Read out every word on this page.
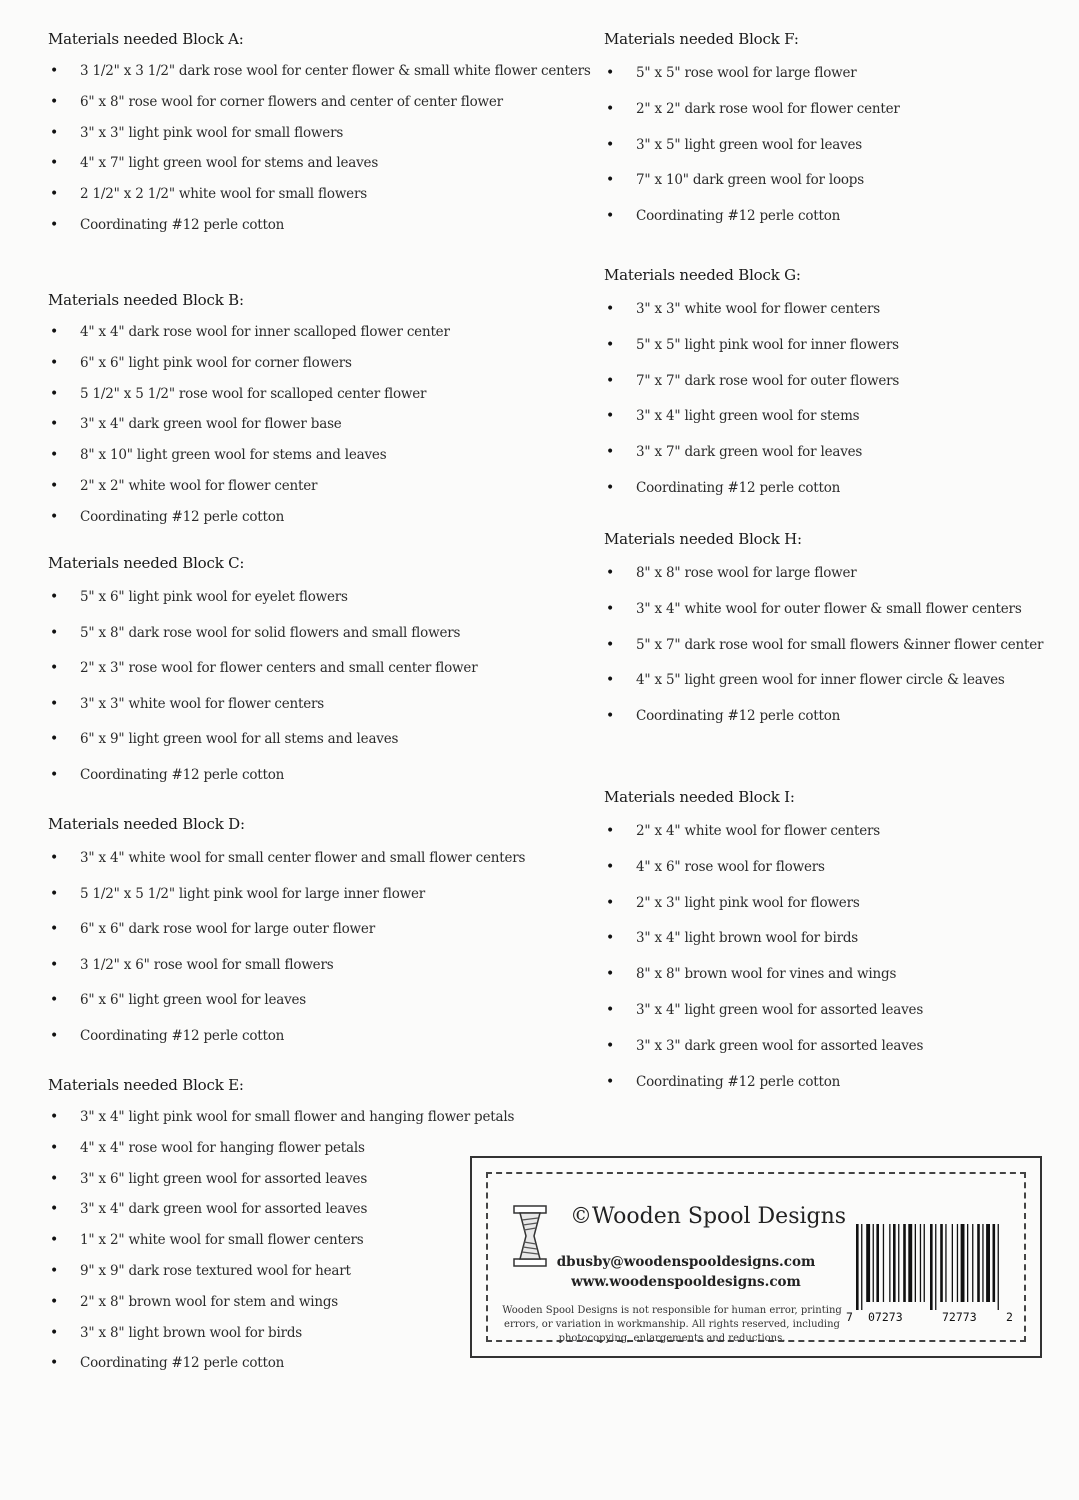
Materials needed Block A:
• 3 1/2" x 3 1/2" dark rose wool for center flower & small white flower centers
• 6" x 8" rose wool for corner flowers and center of center flower
• 3" x 3" light pink wool for small flowers
• 4" x 7" light green wool for stems and leaves
• 2 1/2" x 2 1/2" white wool for small flowers
• Coordinating #12 perle cotton
Materials needed Block B:
• 4" x 4" dark rose wool for inner scalloped flower center
• 6" x 6" light pink wool for corner flowers
• 5 1/2" x 5 1/2" rose wool for scalloped center flower
• 3" x 4" dark green wool for flower base
• 8" x 10" light green wool for stems and leaves
• 2" x 2" white wool for flower center
• Coordinating #12 perle cotton
Materials needed Block C:
• 5" x 6" light pink wool for eyelet flowers
• 5" x 8" dark rose wool for solid flowers and small flowers
• 2" x 3" rose wool for flower centers and small center flower
• 3" x 3" white wool for flower centers
• 6" x 9" light green wool for all stems and leaves
• Coordinating #12 perle cotton
Materials needed Block D:
• 3" x 4" white wool for small center flower and small flower centers
• 5 1/2" x 5 1/2" light pink wool for large inner flower
• 6" x 6" dark rose wool for large outer flower
• 3 1/2" x 6" rose wool for small flowers
• 6" x 6" light green wool for leaves
• Coordinating #12 perle cotton
Materials needed Block E:
• 3" x 4" light pink wool for small flower and hanging flower petals
• 4" x 4" rose wool for hanging flower petals
• 3" x 6" light green wool for assorted leaves
• 3" x 4" dark green wool for assorted leaves
• 1" x 2" white wool for small flower centers
• 9" x 9" dark rose textured wool for heart
• 2" x 8" brown wool for stem and wings
• 3" x 8" light brown wool for birds
• Coordinating #12 perle cotton
Materials needed Block F:
• 5" x 5" rose wool for large flower
• 2" x 2" dark rose wool for flower center
• 3" x 5" light green wool for leaves
• 7" x 10" dark green wool for loops
• Coordinating #12 perle cotton
Materials needed Block G:
• 3" x 3" white wool for flower centers
• 5" x 5" light pink wool for inner flowers
• 7" x 7" dark rose wool for outer flowers
• 3" x 4" light green wool for stems
• 3" x 7" dark green wool for leaves
• Coordinating #12 perle cotton
Materials needed Block H:
• 8" x 8" rose wool for large flower
• 3" x 4" white wool for outer flower & small flower centers
• 5" x 7" dark rose wool for small flowers &inner flower center
• 4" x 5" light green wool for inner flower circle & leaves
• Coordinating #12 perle cotton
Materials needed Block I:
• 2" x 4" white wool for flower centers
• 4" x 6" rose wool for flowers
• 2" x 3" light pink wool for flowers
• 3" x 4" light brown wool for birds
• 8" x 8" brown wool for vines and wings
• 3" x 4" light green wool for assorted leaves
• 3" x 3" dark green wool for assorted leaves
• Coordinating #12 perle cotton
©Wooden Spool Designs
dbusby@woodenspooldesigns.com
www.woodenspooldesigns.com
Wooden Spool Designs is not responsible for human error, printing errors, or variation in workmanship. All rights reserved, including photocopying, enlargements and reductions.
7 07273	72773	2
